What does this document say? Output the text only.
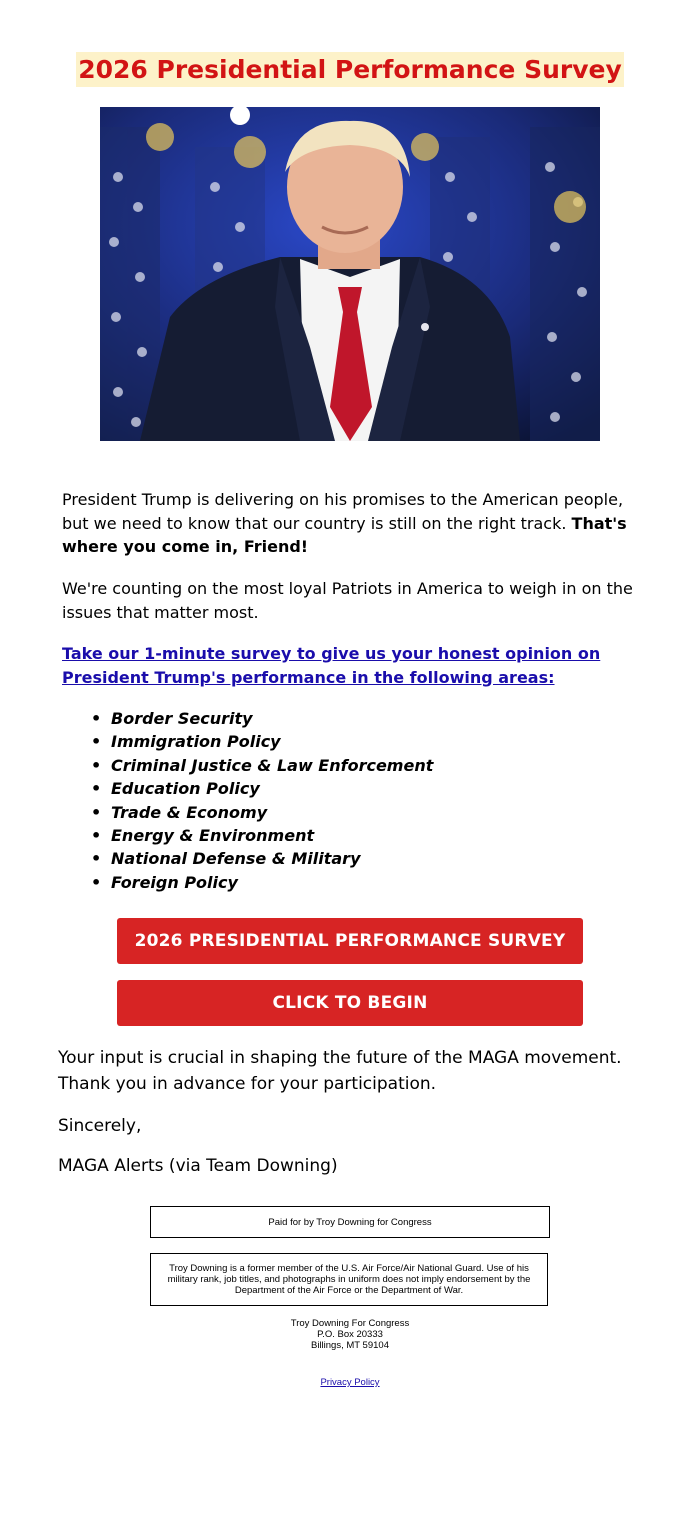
2026 Presidential Performance Survey
President Trump is delivering on his promises to the American people, but we need to know that our country is still on the right track. That's where you come in, Friend!
We're counting on the most loyal Patriots in America to weigh in on the issues that matter most.
Take our 1-minute survey to give us your honest opinion on President Trump's performance in the following areas:
• Border Security
• Immigration Policy
• Criminal Justice & Law Enforcement
• Education Policy
• Trade & Economy
• Energy & Environment
• National Defense & Military
• Foreign Policy
2026 PRESIDENTIAL PERFORMANCE SURVEY
CLICK TO BEGIN
Your input is crucial in shaping the future of the MAGA movement. Thank you in advance for your participation.
Sincerely,
MAGA Alerts (via Team Downing)
Paid for by Troy Downing for Congress
Troy Downing is a former member of the U.S. Air Force/Air National Guard. Use of his military rank, job titles, and photographs in uniform does not imply endorsement by the Department of the Air Force or the Department of War.
Troy Downing For Congress
P.O. Box 20333
Billings, MT 59104
Privacy Policy
